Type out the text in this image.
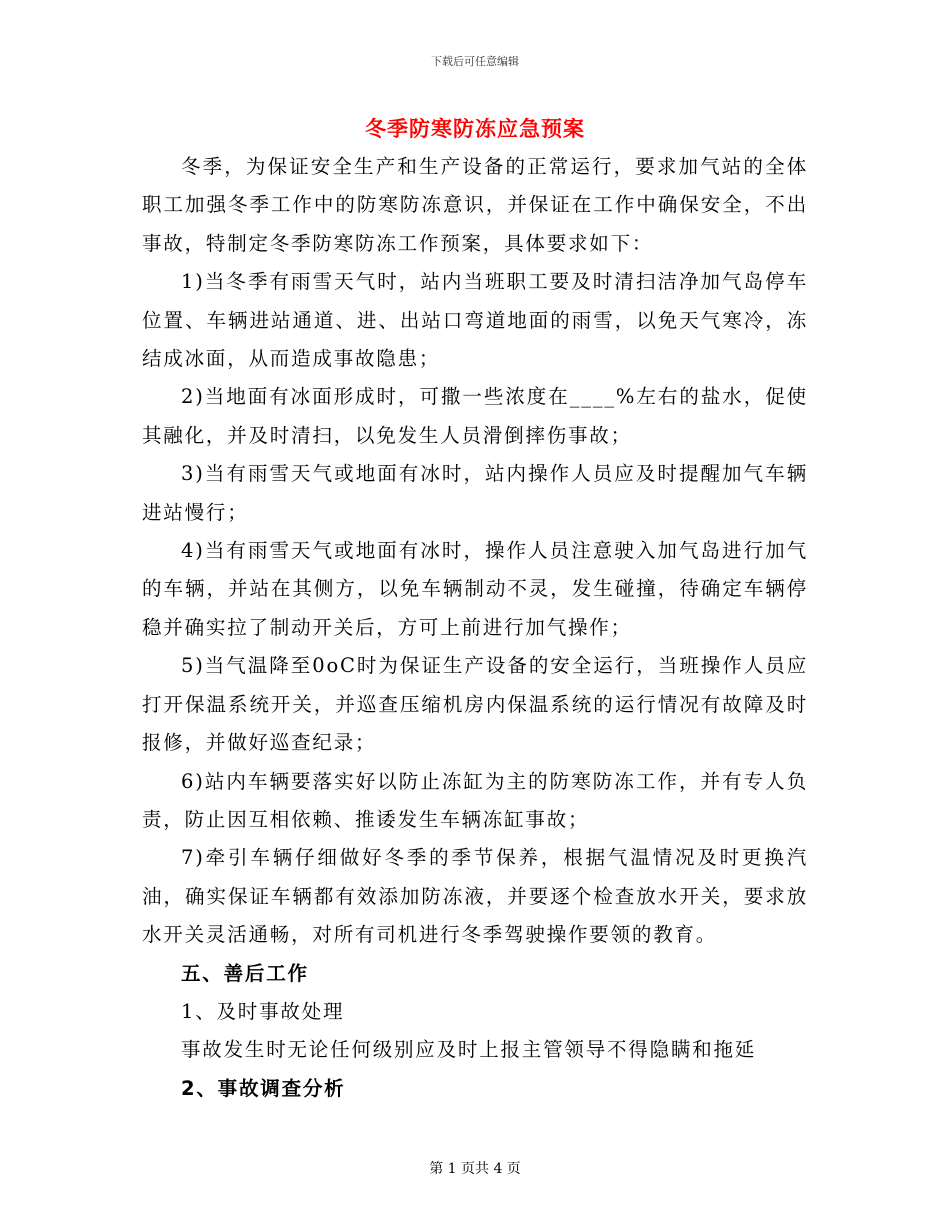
下载后可任意编辑
冬季防寒防冻应急预案

冬季，为保证安全生产和生产设备的正常运行，要求加气站的全体职工加强冬季工作中的防寒防冻意识，并保证在工作中确保安全，不出事故，特制定冬季防寒防冻工作预案，具体要求如下：

1)当冬季有雨雪天气时，站内当班职工要及时清扫洁净加气岛停车位置、车辆进站通道、进、出站口弯道地面的雨雪，以免天气寒冷，冻结成冰面，从而造成事故隐患；

2)当地面有冰面形成时，可撒一些浓度在____%左右的盐水，促使其融化，并及时清扫，以免发生人员滑倒摔伤事故；

3)当有雨雪天气或地面有冰时，站内操作人员应及时提醒加气车辆进站慢行；

4)当有雨雪天气或地面有冰时，操作人员注意驶入加气岛进行加气的车辆，并站在其侧方，以免车辆制动不灵，发生碰撞，待确定车辆停稳并确实拉了制动开关后，方可上前进行加气操作；

5)当气温降至0oC时为保证生产设备的安全运行，当班操作人员应打开保温系统开关，并巡查压缩机房内保温系统的运行情况有故障及时报修，并做好巡查纪录；

6)站内车辆要落实好以防止冻缸为主的防寒防冻工作，并有专人负责，防止因互相依赖、推诿发生车辆冻缸事故；

7)牵引车辆仔细做好冬季的季节保养，根据气温情况及时更换汽油，确实保证车辆都有效添加防冻液，并要逐个检查放水开关，要求放水开关灵活通畅，对所有司机进行冬季驾驶操作要领的教育。

五、善后工作

1、及时事故处理

事故发生时无论任何级别应及时上报主管领导不得隐瞒和拖延

2、事故调查分析

第 1 页共 4 页
